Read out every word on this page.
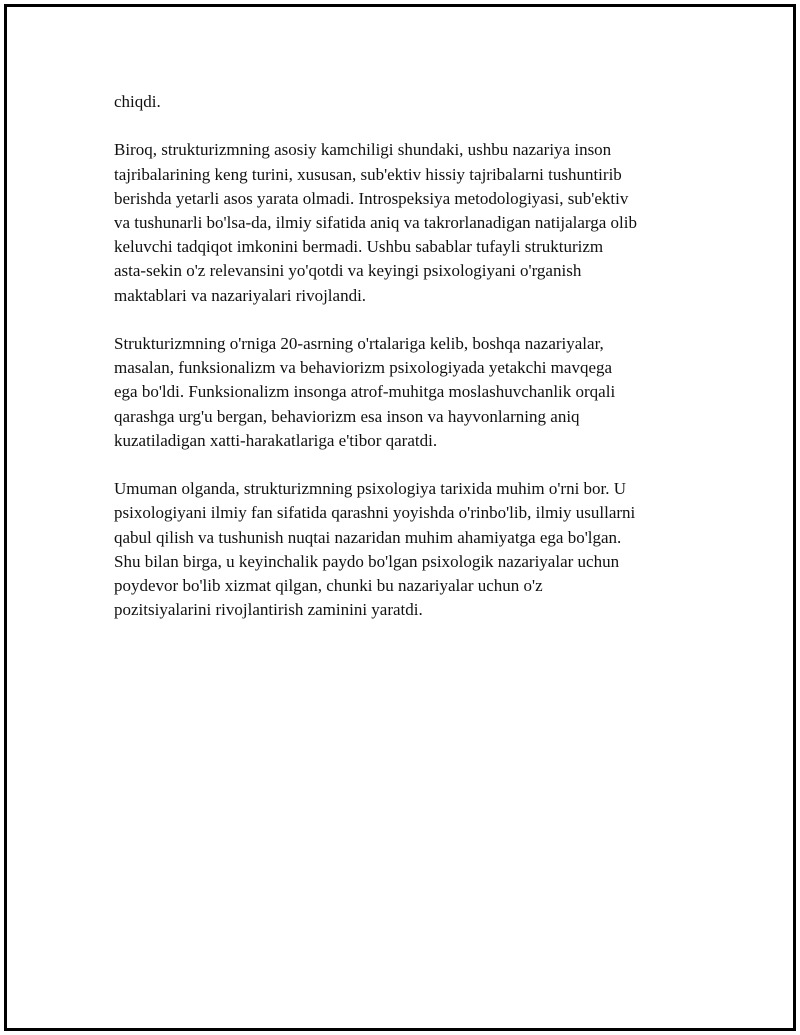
chiqdi.

Biroq, strukturizmning asosiy kamchiligi shundaki, ushbu nazariya inson
tajribalarining keng turini, xususan, sub'ektiv hissiy tajribalarni tushuntirib
berishda yetarli asos yarata olmadi. Introspeksiya metodologiyasi, sub'ektiv
va tushunarli bo'lsa-da, ilmiy sifatida aniq va takrorlanadigan natijalarga olib
keluvchi tadqiqot imkonini bermadi. Ushbu sabablar tufayli strukturizm
asta-sekin o'z relevansini yo'qotdi va keyingi psixologiyani o'rganish
maktablari va nazariyalari rivojlandi.

Strukturizmning o'rniga 20-asrning o'rtalariga kelib, boshqa nazariyalar,
masalan, funksionalizm va behaviorizm psixologiyada yetakchi mavqega
ega bo'ldi. Funksionalizm insonga atrof-muhitga moslashuvchanlik orqali
qarashga urg'u bergan, behaviorizm esa inson va hayvonlarning aniq
kuzatiladigan xatti-harakatlariga e'tibor qaratdi.

Umuman olganda, strukturizmning psixologiya tarixida muhim o'rni bor. U
psixologiyani ilmiy fan sifatida qarashni yoyishda o'rinbo'lib, ilmiy usullarni
qabul qilish va tushunish nuqtai nazaridan muhim ahamiyatga ega bo'lgan.
Shu bilan birga, u keyinchalik paydo bo'lgan psixologik nazariyalar uchun
poydevor bo'lib xizmat qilgan, chunki bu nazariyalar uchun o'z
pozitsiyalarini rivojlantirish zaminini yaratdi.
